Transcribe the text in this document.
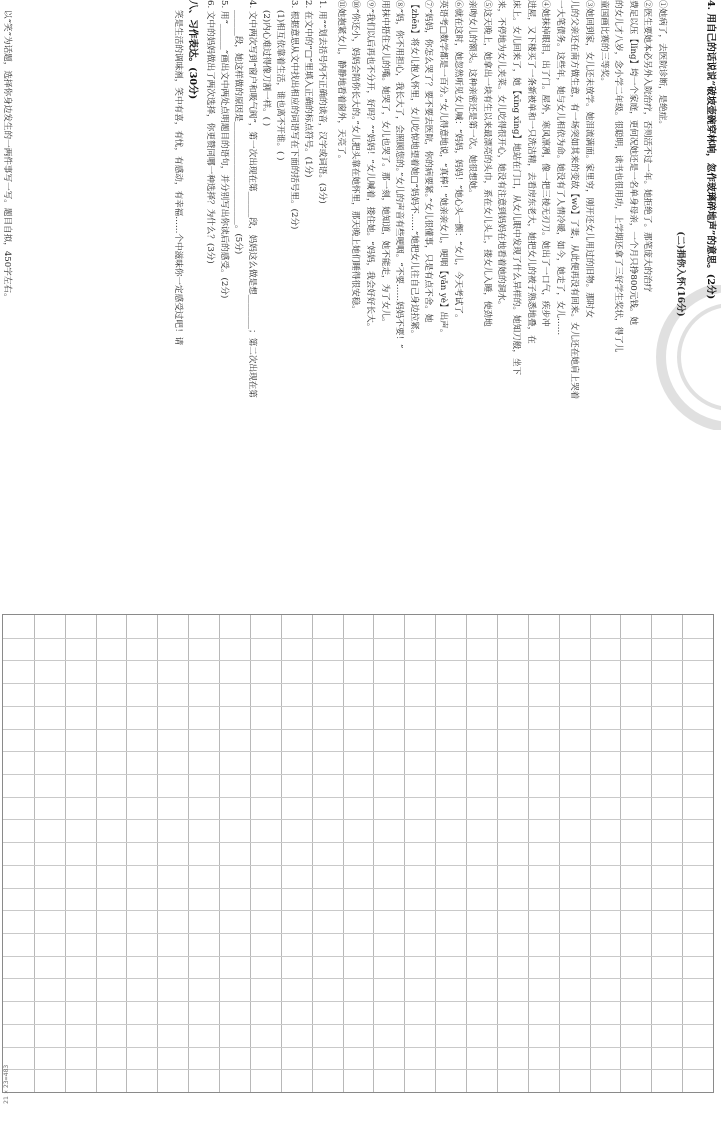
4. 用自己的话说说“破坡壶碗穿林响，忽作玻璃碎地声”的意思。(2分)
(二)捐你入怀(16分)
①她病了，去医院诊断，是绝症。
②医生要她本必另外入院治疗，否则活不过一年。她拒绝了。那笔庞大的治疗
费足以压【lǐng】垮一个家庭，更何况她还是一名单身母亲，一个月只挣800元钱。她
的女儿才八岁，念小学二年级。很聪明，读书也很用功，上学期还拿了三好学生奖状，得了儿
童国画比赛的三等奖。
③她回到家，女儿还未放学。她泪流满面。家里穷，刚开还女儿用过的旧物。那时女
儿的父亲还在南方做生意，有一场突如其来的变故【wò】了妻，从此便再没有回来。女儿还在她肩上哭着
一大笔债务。这些年，她与女儿相依为命。她没有了人情冷暖，如今，她走了，女儿……
④她抹掉眼泪，出了门。屋外，寒风凛冽，像一把三棱无刃刀。她出了一口气，疾步冲
进屋，又下楼买了一条新被单和一只洗洁精，去看房东老大，她把女儿的被子熟悉地叠，在
床上。女儿回来了，她【xīng xīng】地站在门口，从女儿眼中发现了什么异样的。她知刀般，坐下
来，不停地为女儿夹菜。女儿吃得很开心，她没有注意到妈妈在地看着她的洞水。
⑤这天晚上，她拿出一块有生以来最漂亮的头巾，系在女儿头上，搂女儿入睡，使劲地
亲吻女儿的额头。这种亲密还是第一次。她很想她。
⑥就在这时，她忽然听见女儿喊：“妈妈，妈妈！”她心头一颤：“女儿，今天考试了。
英语考□数学都是一百分。”女儿得意地说，“真棒！”她亲亲女儿，哽咽【yǎn yè】出声。
⑦“妈妈，你怎么哭了？要不要去医院，你的病要紧。”女儿很懂事，只是有点不舍。她
【zhēn】将女儿抱入怀里，女儿吃惊地望着她□“妈妈不……”她把女儿往自己身边拉紧。
⑧“妈，你不用担心，我长大了，会照顾您的。”女儿的声音有些哽咽。“不要……妈妈不要！”
用抹中捂住女儿的嘴。她哭了，女儿也哭了。那一刻，她知道，她不能走，为了女儿。
⑨“我们以后再也不分开，好吗？”“妈妈！”女儿喊着，搂住她。“妈妈，我会好好长大。
⑩“你还小，妈妈会陪你长大的。”女儿把头靠在她怀里，那天晚上她们睡得很安稳。
⑪她抱紧女儿，静静地看着窗外，天亮了。
1. 用“”划去括号内不正确的读音，汉字或词语。(3分)
2. 在文中的“□”里填入正确的标点符号。(1分)
3. 根据意思从文中找出相应的词语写在下面的括号里。(2分)
(1)相互依靠着生活，谁也离不开谁。( )
(2)内心难过得像刀割一样。( )
4. 文中两次写到“窗户和吸气阀”，第一次出现在第______段，妈妈这么做是想________；第二次出现在第
______段，她这样做的原因是________________________。(5分)
5. 用“______”画出文中两处点明题目的语句，并分别写出你读后的感受。(2分)
6. 文中的妈妈做出了两次选择，你更赞同哪一种选择？为什么？(3分)
八、习作表达。(30分)
笑是生活的调味剂，笑中有喜，有忧，有感动，有幸福……个中滋味你一定感受过吧！请
以“笑”为话题，选择你身边发生的一两件事写一写。题目自拟，450字左右。
21×23=483
